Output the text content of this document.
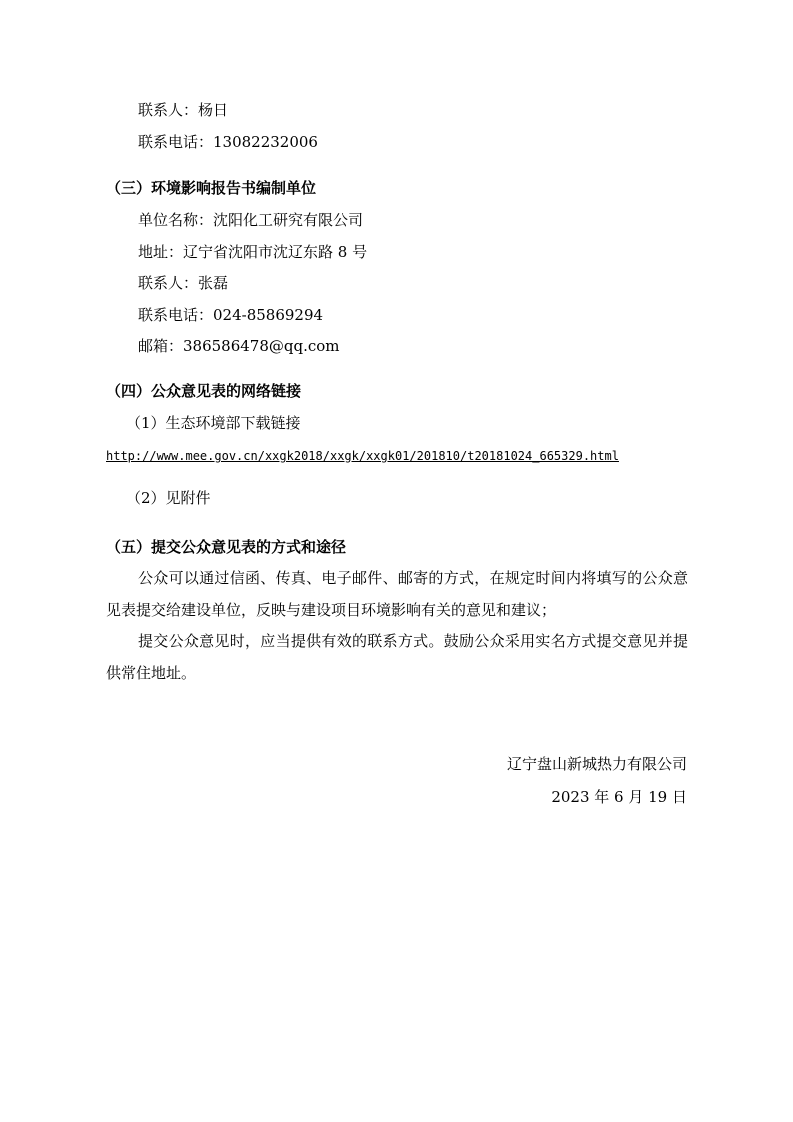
联系人：杨日

联系电话：13082232006

（三）环境影响报告书编制单位

单位名称：沈阳化工研究有限公司

地址：辽宁省沈阳市沈辽东路 8 号

联系人：张磊

联系电话：024-85869294

邮箱：386586478@qq.com

（四）公众意见表的网络链接

（1）生态环境部下载链接

http://www.mee.gov.cn/xxgk2018/xxgk/xxgk01/201810/t20181024_665329.html

（2）见附件

（五）提交公众意见表的方式和途径

公众可以通过信函、传真、电子邮件、邮寄的方式，在规定时间内将填写的公众意见表提交给建设单位，反映与建设项目环境影响有关的意见和建议；

提交公众意见时，应当提供有效的联系方式。鼓励公众采用实名方式提交意见并提供常住地址。

辽宁盘山新城热力有限公司

2023 年 6 月 19 日
